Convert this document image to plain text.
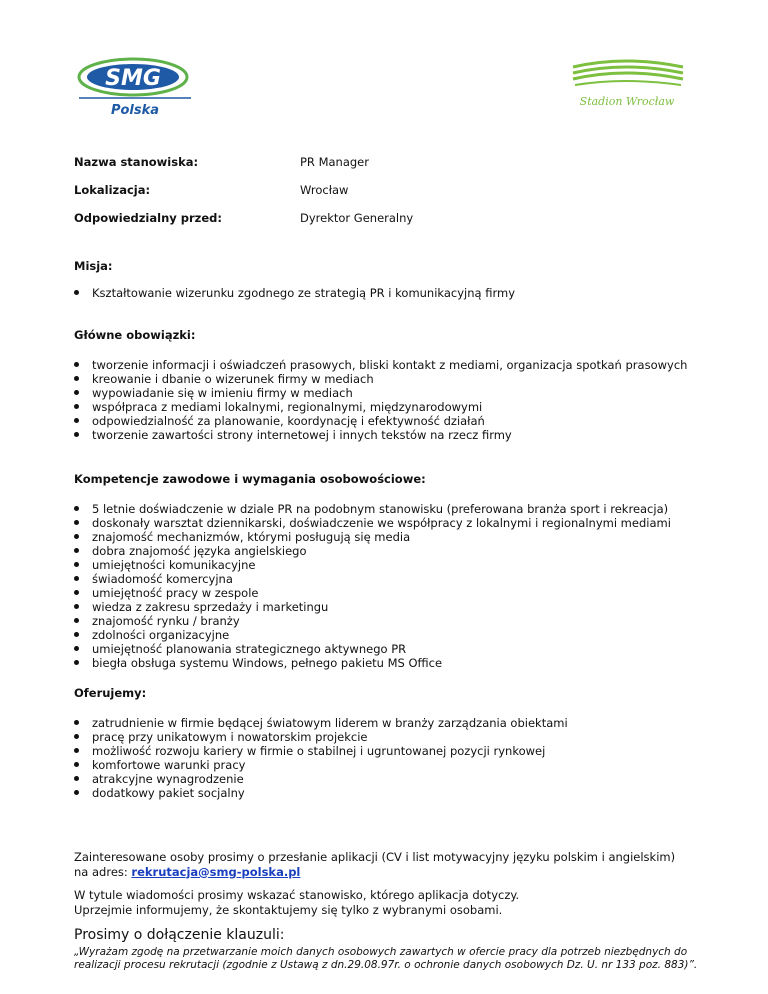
SMG
Polska
Stadion Wrocław
Nazwa stanowiska:	PR Manager
Lokalizacja:	Wrocław
Odpowiedzialny przed:	Dyrektor Generalny
Misja:
Kształtowanie wizerunku zgodnego ze strategią PR i komunikacyjną firmy
Główne obowiązki:
tworzenie informacji i oświadczeń prasowych, bliski kontakt z mediami, organizacja spotkań prasowych
kreowanie i dbanie o wizerunek firmy w mediach
wypowiadanie się w imieniu firmy w mediach
współpraca z mediami lokalnymi, regionalnymi, międzynarodowymi
odpowiedzialność za planowanie, koordynację i efektywność działań
tworzenie zawartości strony internetowej i innych tekstów na rzecz firmy
Kompetencje zawodowe i wymagania osobowościowe:
5 letnie doświadczenie w dziale PR na podobnym stanowisku (preferowana branża sport i rekreacja)
doskonały warsztat dziennikarski, doświadczenie we współpracy z lokalnymi i regionalnymi mediami
znajomość mechanizmów, którymi posługują się media
dobra znajomość języka angielskiego
umiejętności komunikacyjne
świadomość komercyjna
umiejętność pracy w zespole
wiedza z zakresu sprzedaży i marketingu
znajomość rynku / branży
zdolności organizacyjne
umiejętność planowania strategicznego aktywnego PR
biegła obsługa systemu Windows, pełnego pakietu MS Office
Oferujemy:
zatrudnienie w firmie będącej światowym liderem w branży zarządzania obiektami
pracę przy unikatowym i nowatorskim projekcie
możliwość rozwoju kariery w firmie o stabilnej i ugruntowanej pozycji rynkowej
komfortowe warunki pracy
atrakcyjne wynagrodzenie
dodatkowy pakiet socjalny
Zainteresowane osoby prosimy o przesłanie aplikacji (CV i list motywacyjny języku polskim i angielskim)
na adres: rekrutacja@smg-polska.pl
W tytule wiadomości prosimy wskazać stanowisko, którego aplikacja dotyczy.
Uprzejmie informujemy, że skontaktujemy się tylko z wybranymi osobami.
Prosimy o dołączenie klauzuli:
„Wyrażam zgodę na przetwarzanie moich danych osobowych zawartych w ofercie pracy dla potrzeb niezbędnych do realizacji procesu rekrutacji (zgodnie z Ustawą z dn.29.08.97r. o ochronie danych osobowych Dz. U. nr 133 poz. 883)”.
